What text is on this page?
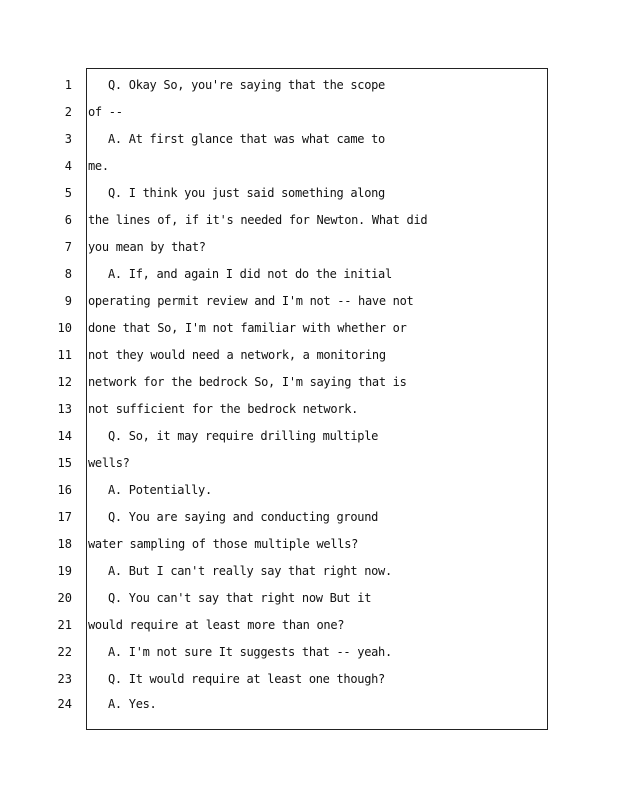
1	Q. Okay So, you're saying that the scope
2 of --
3	A. At first glance that was what came to
4 me.
5	Q. I think you just said something along
6 the lines of, if it's needed for Newton. What did
7 you mean by that?
8	A. If, and again I did not do the initial
9 operating permit review and I'm not -- have not
10 done that So, I'm not familiar with whether or
11 not they would need a network, a monitoring
12 network for the bedrock So, I'm saying that is
13 not sufficient for the bedrock network.
14	Q. So, it may require drilling multiple
15 wells?
16	A. Potentially.
17	Q. You are saying and conducting ground
18 water sampling of those multiple wells?
19	A. But I can't really say that right now.
20	Q. You can't say that right now But it
21 would require at least more than one?
22	A. I'm not sure It suggests that -- yeah.
23	Q. It would require at least one though?
24	A. Yes.
